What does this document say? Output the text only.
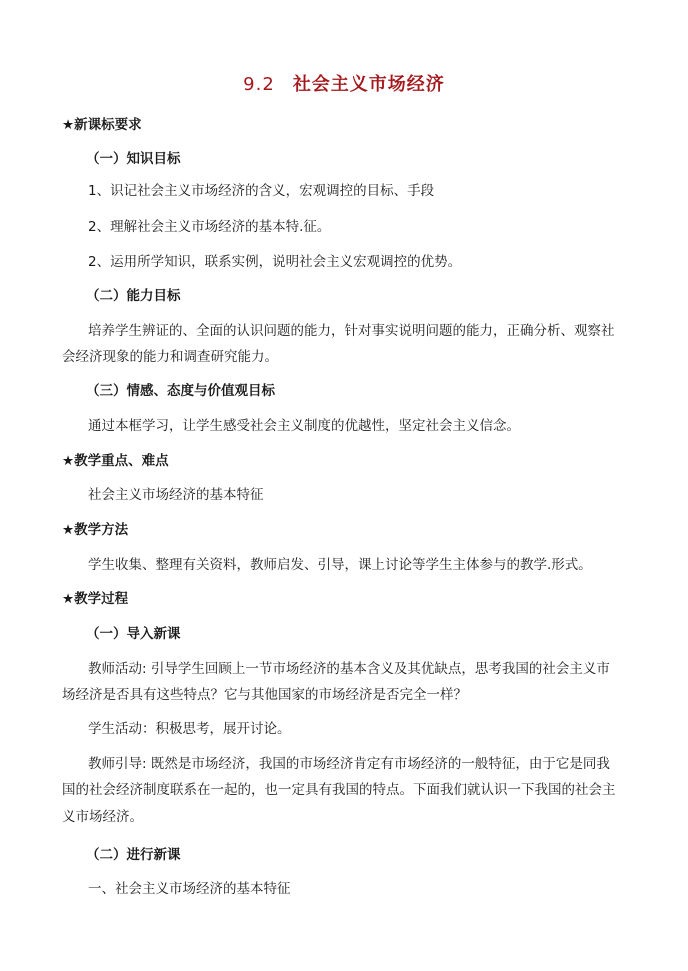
9.2 社会主义市场经济
★新课标要求
（一）知识目标
1、识记社会主义市场经济的含义，宏观调控的目标、手段
2、理解社会主义市场经济的基本特.征。
2、运用所学知识，联系实例，说明社会主义宏观调控的优势。
（二）能力目标
培养学生辨证的、全面的认识问题的能力，针对事实说明问题的能力，正确分析、观察社
会经济现象的能力和调查研究能力。
（三）情感、态度与价值观目标
通过本框学习，让学生感受社会主义制度的优越性，坚定社会主义信念。
★教学重点、难点
社会主义市场经济的基本特征
★教学方法
学生收集、整理有关资料，教师启发、引导，课上讨论等学生主体参与的教学.形式。
★教学过程
（一）导入新课
教师活动: 引导学生回顾上一节市场经济的基本含义及其优缺点，思考我国的社会主义市
场经济是否具有这些特点？它与其他国家的市场经济是否完全一样？
学生活动：积极思考，展开讨论。
教师引导: 既然是市场经济，我国的市场经济肯定有市场经济的一般特征，由于它是同我
国的社会经济制度联系在一起的，也一定具有我国的特点。下面我们就认识一下我国的社会主
义市场经济。
（二）进行新课
一、社会主义市场经济的基本特征
